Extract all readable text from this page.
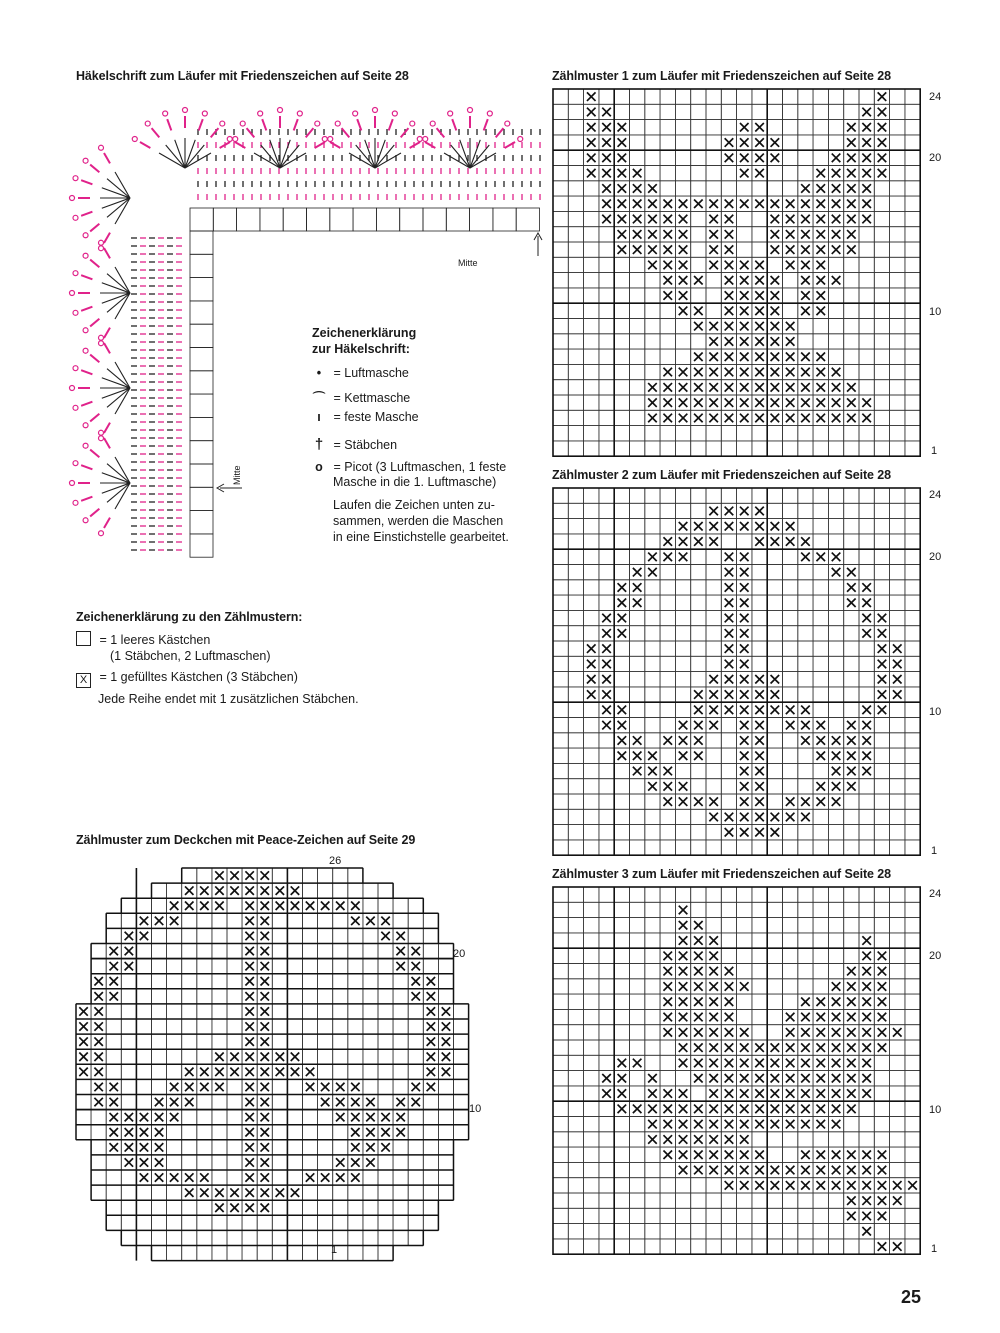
Häkelschrift zum Läufer mit Friedenszeichen auf Seite 28
Mitte
Mitte
Zeichenerklärung
zur Häkelschrift:
• = Luftmasche
⌒ = Kettmasche
ı = feste Masche
† = Stäbchen
o = Picot (3 Luftmaschen, 1 feste
Masche in die 1. Luftmasche)
Laufen die Zeichen unten zu-
sammen, werden die Maschen
in eine Einstichstelle gearbeitet.
Zeichenerklärung zu den Zählmustern:
= 1 leeres Kästchen
(1 Stäbchen, 2 Luftmaschen)
X = 1 gefülltes Kästchen (3 Stäbchen)
Jede Reihe endet mit 1 zusätzlichen Stäbchen.
Zählmuster zum Deckchen mit Peace-Zeichen auf Seite 29
26
20
10
1
Zählmuster 1 zum Läufer mit Friedenszeichen auf Seite 28
24
20
10
1
Zählmuster 2 zum Läufer mit Friedenszeichen auf Seite 28
24
20
10
1
Zählmuster 3 zum Läufer mit Friedenszeichen auf Seite 28
24
20
10
1
25
